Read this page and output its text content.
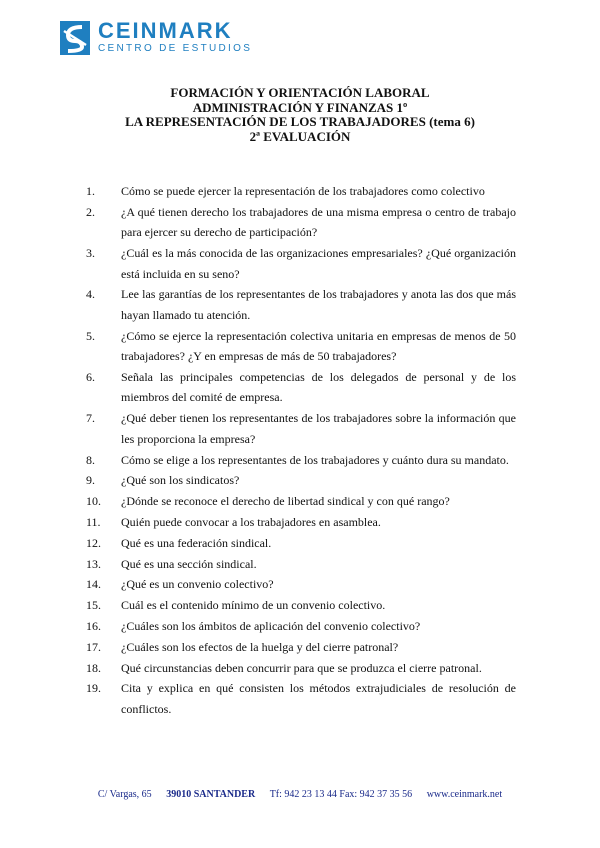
CEINMARK
CENTRO DE ESTUDIOS
FORMACIÓN Y ORIENTACIÓN LABORAL
ADMINISTRACIÓN Y FINANZAS 1º
LA REPRESENTACIÓN DE LOS TRABAJADORES (tema 6)
2ª EVALUACIÓN
1. Cómo se puede ejercer la representación de los trabajadores como colectivo
2. ¿A qué tienen derecho los trabajadores de una misma empresa o centro de trabajo para ejercer su derecho de participación?
3. ¿Cuál es la más conocida de las organizaciones empresariales? ¿Qué organización está incluida en su seno?
4. Lee las garantías de los representantes de los trabajadores y anota las dos que más hayan llamado tu atención.
5. ¿Cómo se ejerce la representación colectiva unitaria en empresas de menos de 50 trabajadores? ¿Y en empresas de más de 50 trabajadores?
6. Señala las principales competencias de los delegados de personal y de los miembros del comité de empresa.
7. ¿Qué deber tienen los representantes de los trabajadores sobre la información que les proporciona la empresa?
8. Cómo se elige a los representantes de los trabajadores y cuánto dura su mandato.
9. ¿Qué son los sindicatos?
10. ¿Dónde se reconoce el derecho de libertad sindical y con qué rango?
11. Quién puede convocar a los trabajadores en asamblea.
12. Qué es una federación sindical.
13. Qué es una sección sindical.
14. ¿Qué es un convenio colectivo?
15. Cuál es el contenido mínimo de un convenio colectivo.
16. ¿Cuáles son los ámbitos de aplicación del convenio colectivo?
17. ¿Cuáles son los efectos de la huelga y del cierre patronal?
18. Qué circunstancias deben concurrir para que se produzca el cierre patronal.
19. Cita y explica en qué consisten los métodos extrajudiciales de resolución de conflictos.
C/ Vargas, 65 39010 SANTANDER Tf: 942 23 13 44 Fax: 942 37 35 56 www.ceinmark.net
